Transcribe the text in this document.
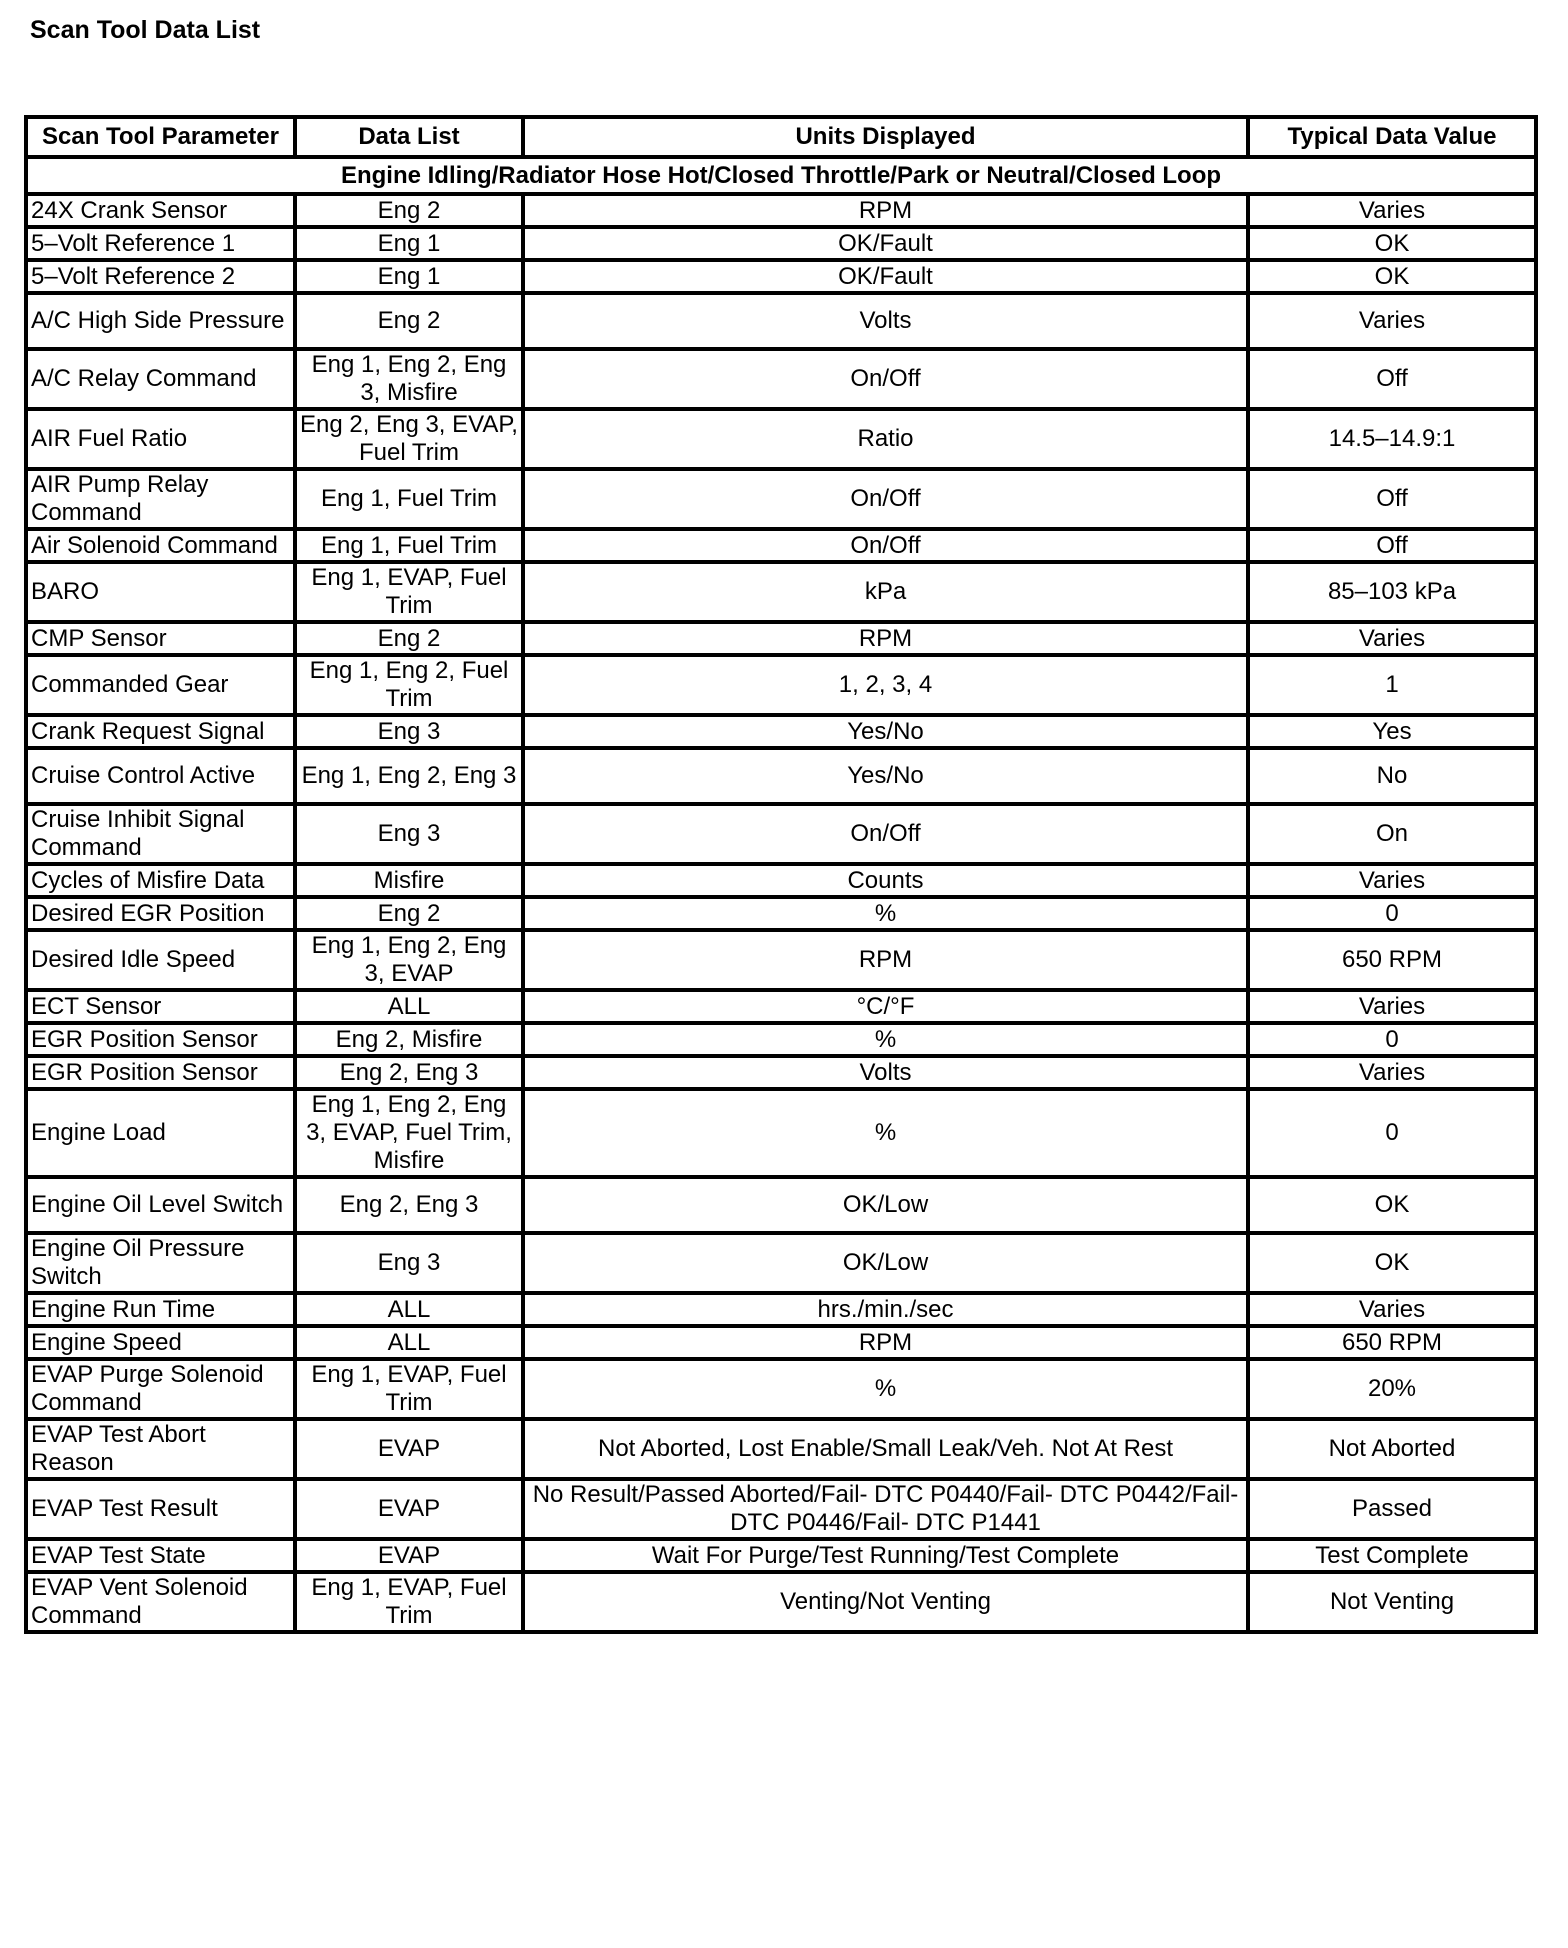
Scan Tool Data List
Scan Tool Parameter	Data List	Units Displayed	Typical Data Value
Engine Idling/Radiator Hose Hot/Closed Throttle/Park or Neutral/Closed Loop			
24X Crank Sensor	Eng 2	RPM	Varies
5–Volt Reference 1	Eng 1	OK/Fault	OK
5–Volt Reference 2	Eng 1	OK/Fault	OK
A/C High Side Pressure	Eng 2	Volts	Varies
A/C Relay Command	Eng 1, Eng 2, Eng 3, Misfire	On/Off	Off
AIR Fuel Ratio	Eng 2, Eng 3, EVAP, Fuel Trim	Ratio	14.5–14.9:1
AIR Pump Relay Command	Eng 1, Fuel Trim	On/Off	Off
Air Solenoid Command	Eng 1, Fuel Trim	On/Off	Off
BARO	Eng 1, EVAP, Fuel Trim	kPa	85–103 kPa
CMP Sensor	Eng 2	RPM	Varies
Commanded Gear	Eng 1, Eng 2, Fuel Trim	1, 2, 3, 4	1
Crank Request Signal	Eng 3	Yes/No	Yes
Cruise Control Active	Eng 1, Eng 2, Eng 3	Yes/No	No
Cruise Inhibit Signal Command	Eng 3	On/Off	On
Cycles of Misfire Data	Misfire	Counts	Varies
Desired EGR Position	Eng 2	%	0
Desired Idle Speed	Eng 1, Eng 2, Eng 3, EVAP	RPM	650 RPM
ECT Sensor	ALL	°C/°F	Varies
EGR Position Sensor	Eng 2, Misfire	%	0
EGR Position Sensor	Eng 2, Eng 3	Volts	Varies
Engine Load	Eng 1, Eng 2, Eng 3, EVAP, Fuel Trim, Misfire	%	0
Engine Oil Level Switch	Eng 2, Eng 3	OK/Low	OK
Engine Oil Pressure Switch	Eng 3	OK/Low	OK
Engine Run Time	ALL	hrs./min./sec	Varies
Engine Speed	ALL	RPM	650 RPM
EVAP Purge Solenoid Command	Eng 1, EVAP, Fuel Trim	%	20%
EVAP Test Abort Reason	EVAP	Not Aborted, Lost Enable/Small Leak/Veh. Not At Rest	Not Aborted
EVAP Test Result	EVAP	No Result/Passed Aborted/Fail- DTC P0440/Fail- DTC P0442/Fail- DTC P0446/Fail- DTC P1441	Passed
EVAP Test State	EVAP	Wait For Purge/Test Running/Test Complete	Test Complete
EVAP Vent Solenoid Command	Eng 1, EVAP, Fuel Trim	Venting/Not Venting	Not Venting
